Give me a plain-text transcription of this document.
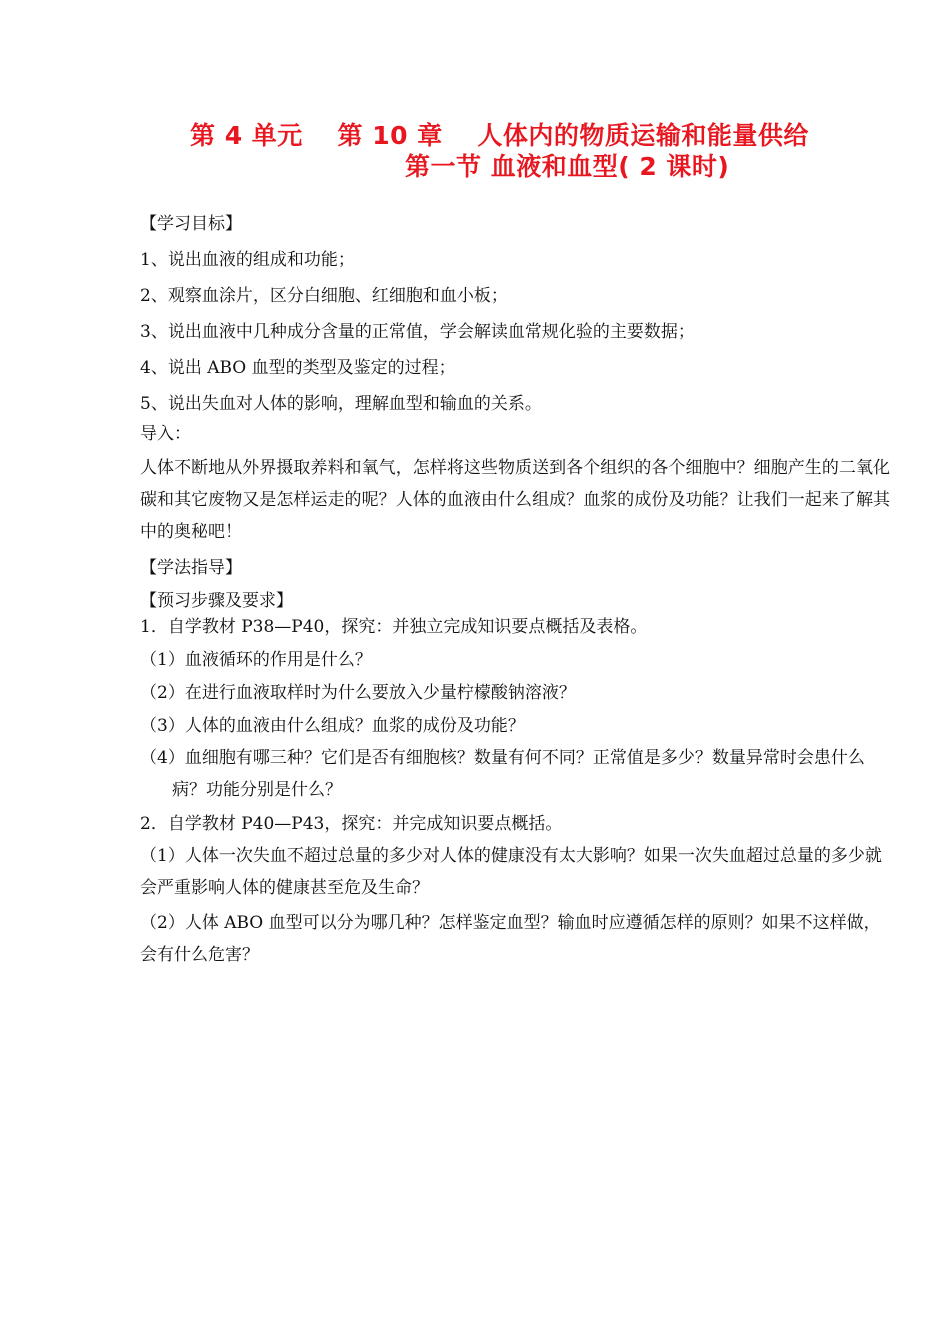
第 4 单元　 第 10 章　 人体内的物质运输和能量供给
第一节 血液和血型( 2 课时)
【学习目标】
1、说出血液的组成和功能；
2、观察血涂片，区分白细胞、红细胞和血小板；
3、说出血液中几种成分含量的正常值，学会解读血常规化验的主要数据；
4、说出 ABO 血型的类型及鉴定的过程；
5、说出失血对人体的影响，理解血型和输血的关系。
导入：
人体不断地从外界摄取养料和氧气，怎样将这些物质送到各个组织的各个细胞中？细胞产生的二氧化碳和其它废物又是怎样运走的呢？人体的血液由什么组成？血浆的成份及功能？让我们一起来了解其中的奥秘吧！
【学法指导】
【预习步骤及要求】
1．自学教材 P38—P40，探究：并独立完成知识要点概括及表格。
（1）血液循环的作用是什么？
（2）在进行血液取样时为什么要放入少量柠檬酸钠溶液？
（3）人体的血液由什么组成？血浆的成份及功能？
（4）血细胞有哪三种？它们是否有细胞核？数量有何不同？正常值是多少？数量异常时会患什么病？功能分别是什么？
2．自学教材 P40—P43，探究：并完成知识要点概括。
（1）人体一次失血不超过总量的多少对人体的健康没有太大影响？如果一次失血超过总量的多少就会严重影响人体的健康甚至危及生命？
（2）人体 ABO 血型可以分为哪几种？怎样鉴定血型？输血时应遵循怎样的原则？如果不这样做，会有什么危害？
